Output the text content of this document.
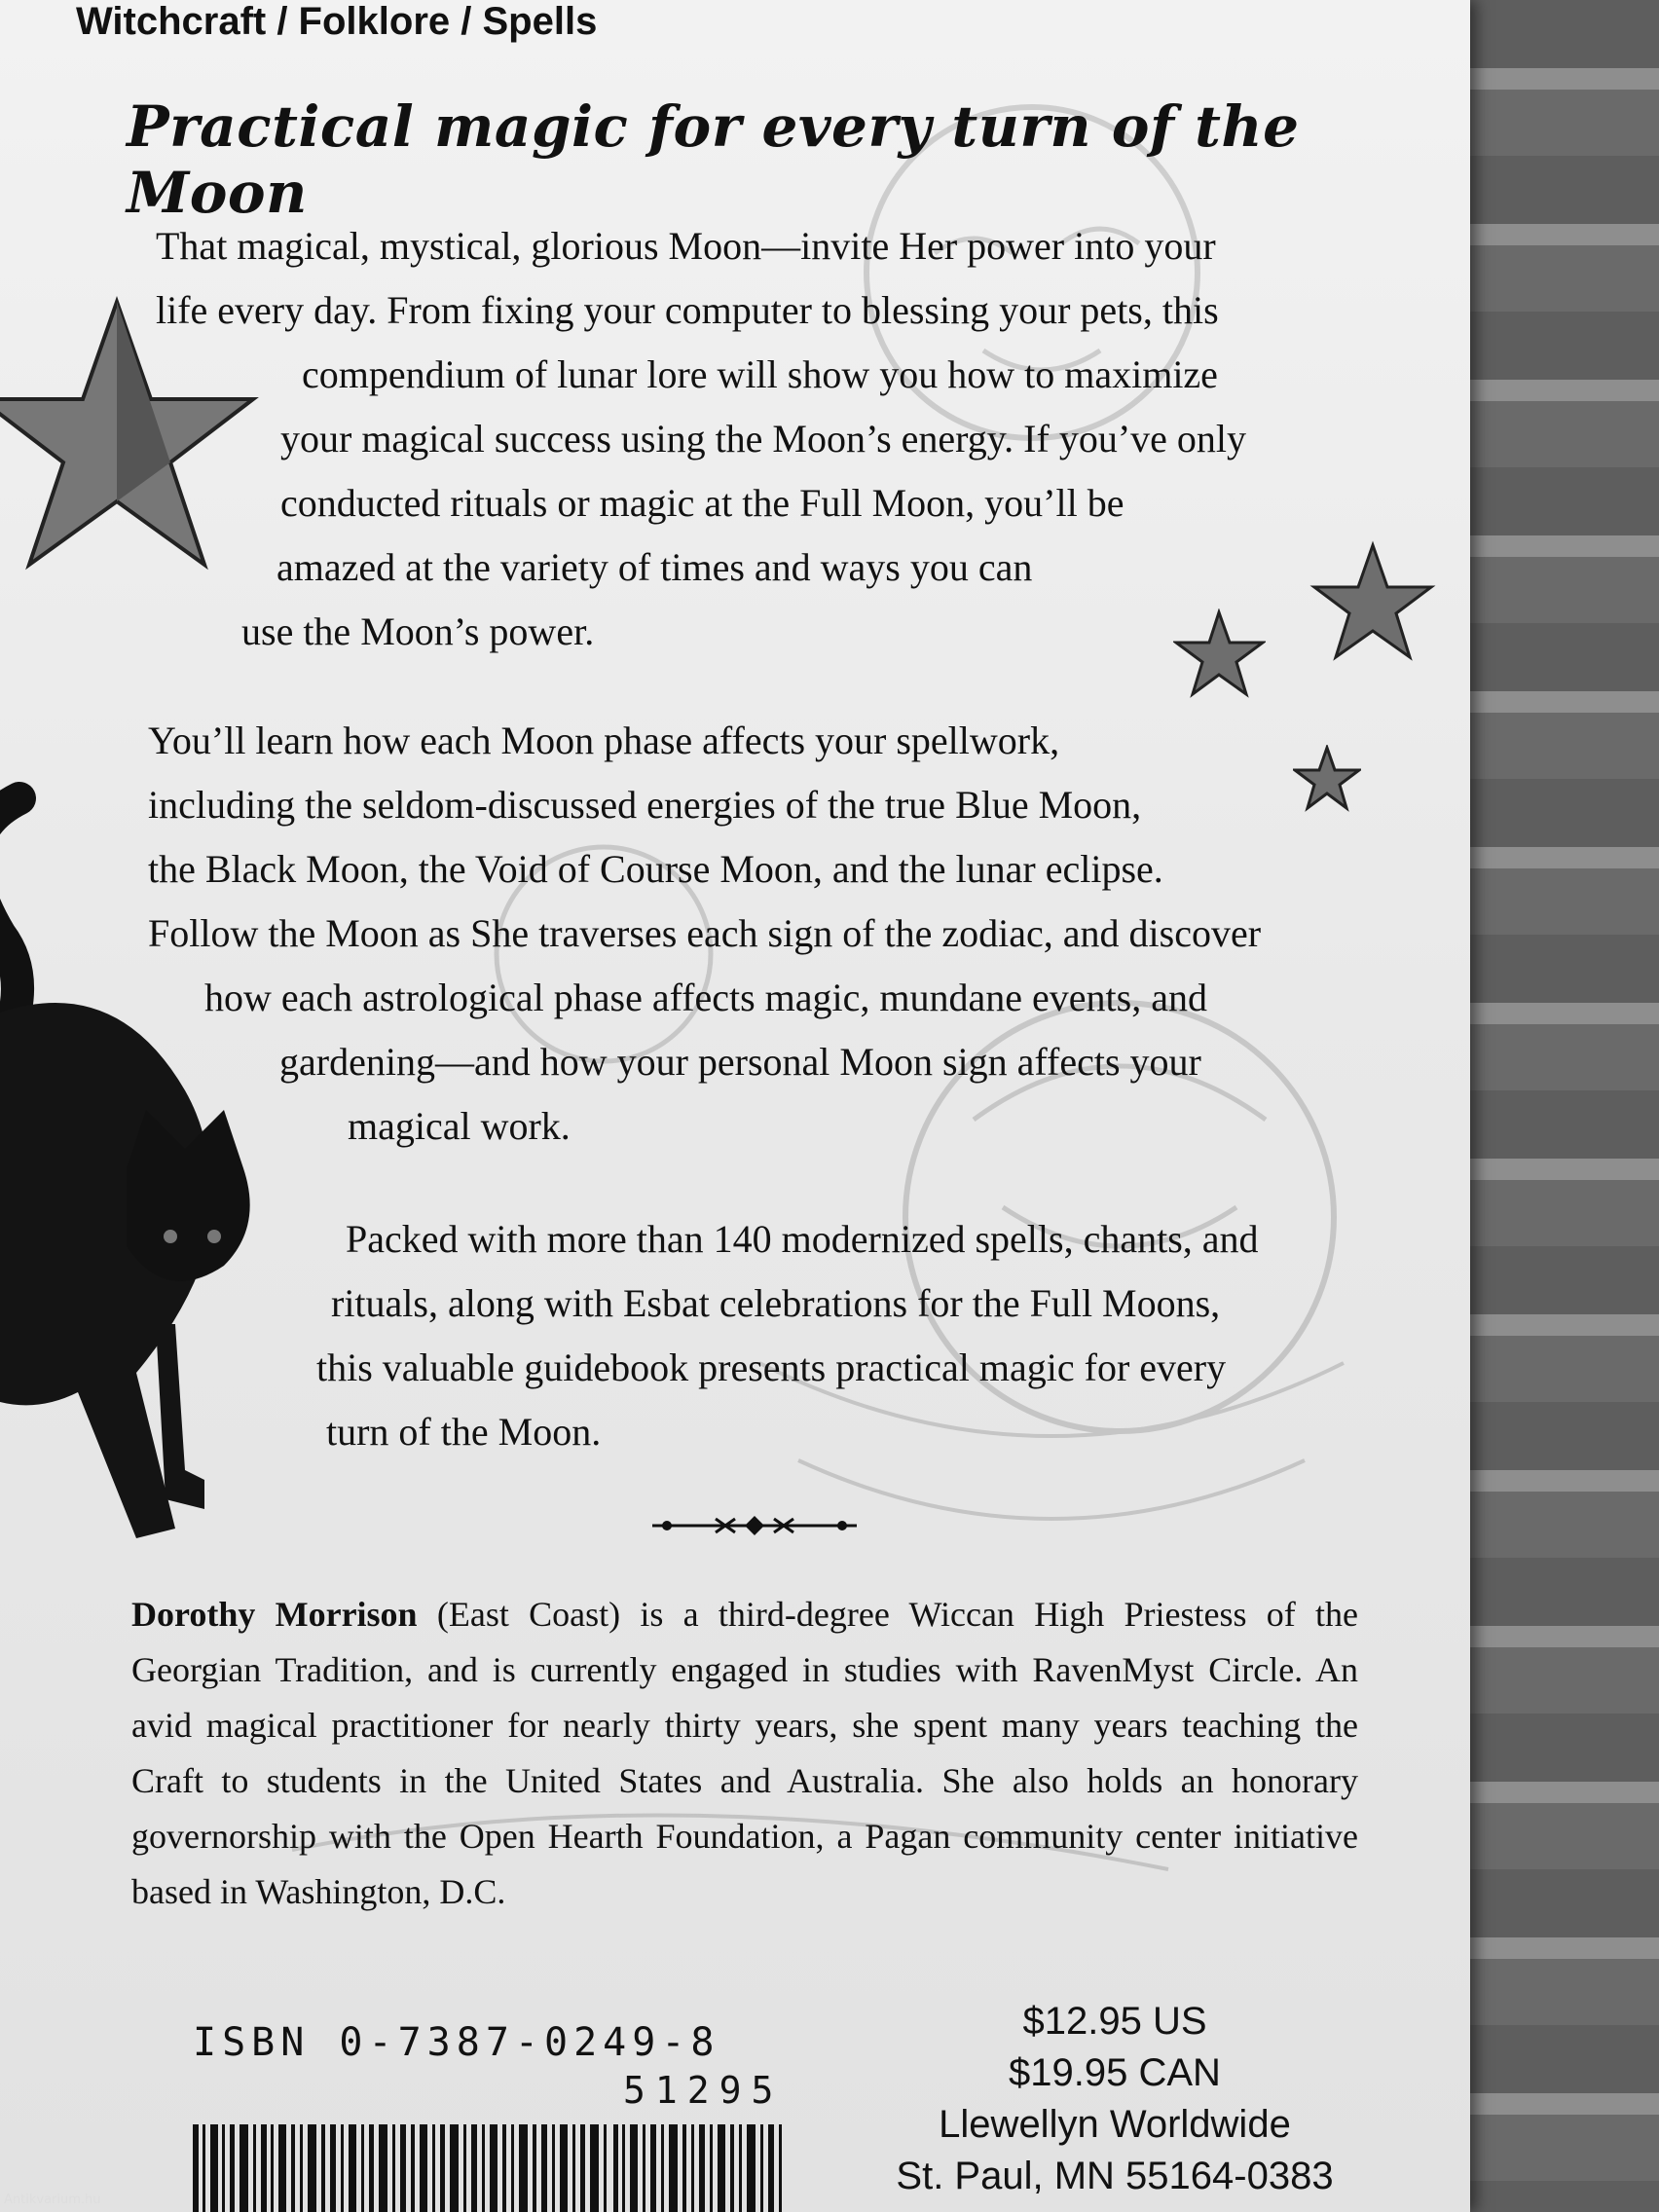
Witchcraft / Folklore / Spells
Practical magic for every turn of the Moon

That magical, mystical, glorious Moon—invite Her power into your
life every day. From fixing your computer to blessing your pets, this
compendium of lunar lore will show you how to maximize
your magical success using the Moon’s energy. If you’ve only
conducted rituals or magic at the Full Moon, you’ll be
amazed at the variety of times and ways you can
use the Moon’s power.

You’ll learn how each Moon phase affects your spellwork,
including the seldom-discussed energies of the true Blue Moon,
the Black Moon, the Void of Course Moon, and the lunar eclipse.
Follow the Moon as She traverses each sign of the zodiac, and discover
how each astrological phase affects magic, mundane events, and
gardening—and how your personal Moon sign affects your
magical work.

Packed with more than 140 modernized spells, chants, and
rituals, along with Esbat celebrations for the Full Moons,
this valuable guidebook presents practical magic for every
turn of the Moon.

Dorothy Morrison (East Coast) is a third-degree Wiccan High Priestess of the Georgian Tradition, and is currently engaged in studies with RavenMyst Circle. An avid magical practitioner for nearly thirty years, she spent many years teaching the Craft to students in the United States and Australia. She also holds an honorary governorship with the Open Hearth Foundation, a Pagan community center initiative based in Washington, D.C.

ISBN 0-7387-0249-8
51295
$12.95 US
$19.95 CAN
Llewellyn Worldwide
St. Paul, MN 55164-0383
Antikvarium.hu
